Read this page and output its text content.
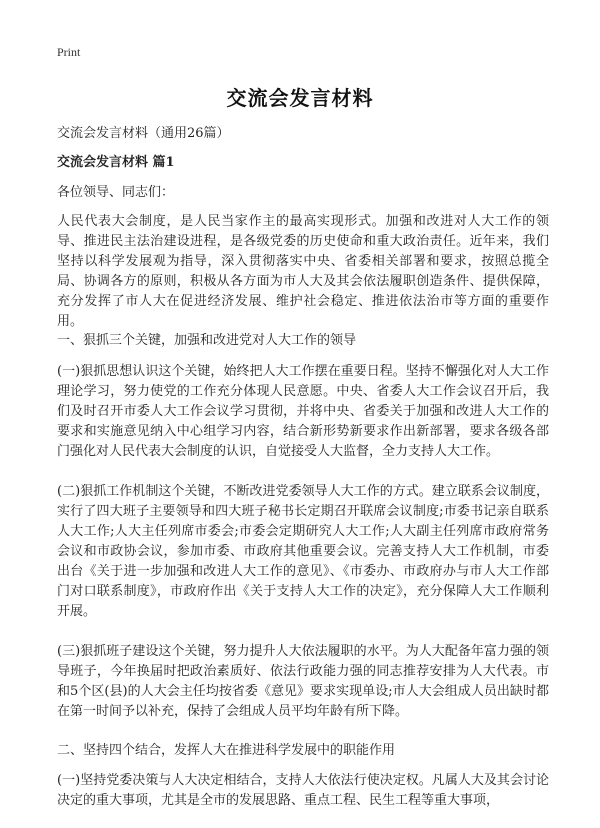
Print
交流会发言材料
交流会发言材料（通用26篇）
交流会发言材料 篇1
各位领导、同志们：
人民代表大会制度，是人民当家作主的最高实现形式。加强和改进对人大工作的领导、推进民主法治建设进程，是各级党委的历史使命和重大政治责任。近年来，我们坚持以科学发展观为指导，深入贯彻落实中央、省委相关部署和要求，按照总揽全局、协调各方的原则，积极从各方面为市人大及其会依法履职创造条件、提供保障，充分发挥了市人大在促进经济发展、维护社会稳定、推进依法治市等方面的重要作用。
一、狠抓三个关键，加强和改进党对人大工作的领导
(一)狠抓思想认识这个关键，始终把人大工作摆在重要日程。坚持不懈强化对人大工作理论学习，努力使党的工作充分体现人民意愿。中央、省委人大工作会议召开后，我们及时召开市委人大工作会议学习贯彻，并将中央、省委关于加强和改进人大工作的要求和实施意见纳入中心组学习内容，结合新形势新要求作出新部署，要求各级各部门强化对人民代表大会制度的认识，自觉接受人大监督，全力支持人大工作。
(二)狠抓工作机制这个关键，不断改进党委领导人大工作的方式。建立联系会议制度，实行了四大班子主要领导和四大班子秘书长定期召开联席会议制度;市委书记亲自联系人大工作;人大主任列席市委会;市委会定期研究人大工作;人大副主任列席市政府常务会议和市政协会议，参加市委、市政府其他重要会议。完善支持人大工作机制，市委出台《关于进一步加强和改进人大工作的意见》、《市委办、市政府办与市人大工作部门对口联系制度》，市政府作出《关于支持人大工作的决定》，充分保障人大工作顺利开展。
(三)狠抓班子建设这个关键，努力提升人大依法履职的水平。为人大配备年富力强的领导班子，今年换届时把政治素质好、依法行政能力强的同志推荐安排为人大代表。市和5个区(县)的人大会主任均按省委《意见》要求实现单设;市人大会组成人员出缺时都在第一时间予以补充，保持了会组成人员平均年龄有所下降。
二、坚持四个结合，发挥人大在推进科学发展中的职能作用
(一)坚持党委决策与人大决定相结合，支持人大依法行使决定权。凡属人大及其会讨论决定的重大事项，尤其是全市的发展思路、重点工程、民生工程等重大事项，
